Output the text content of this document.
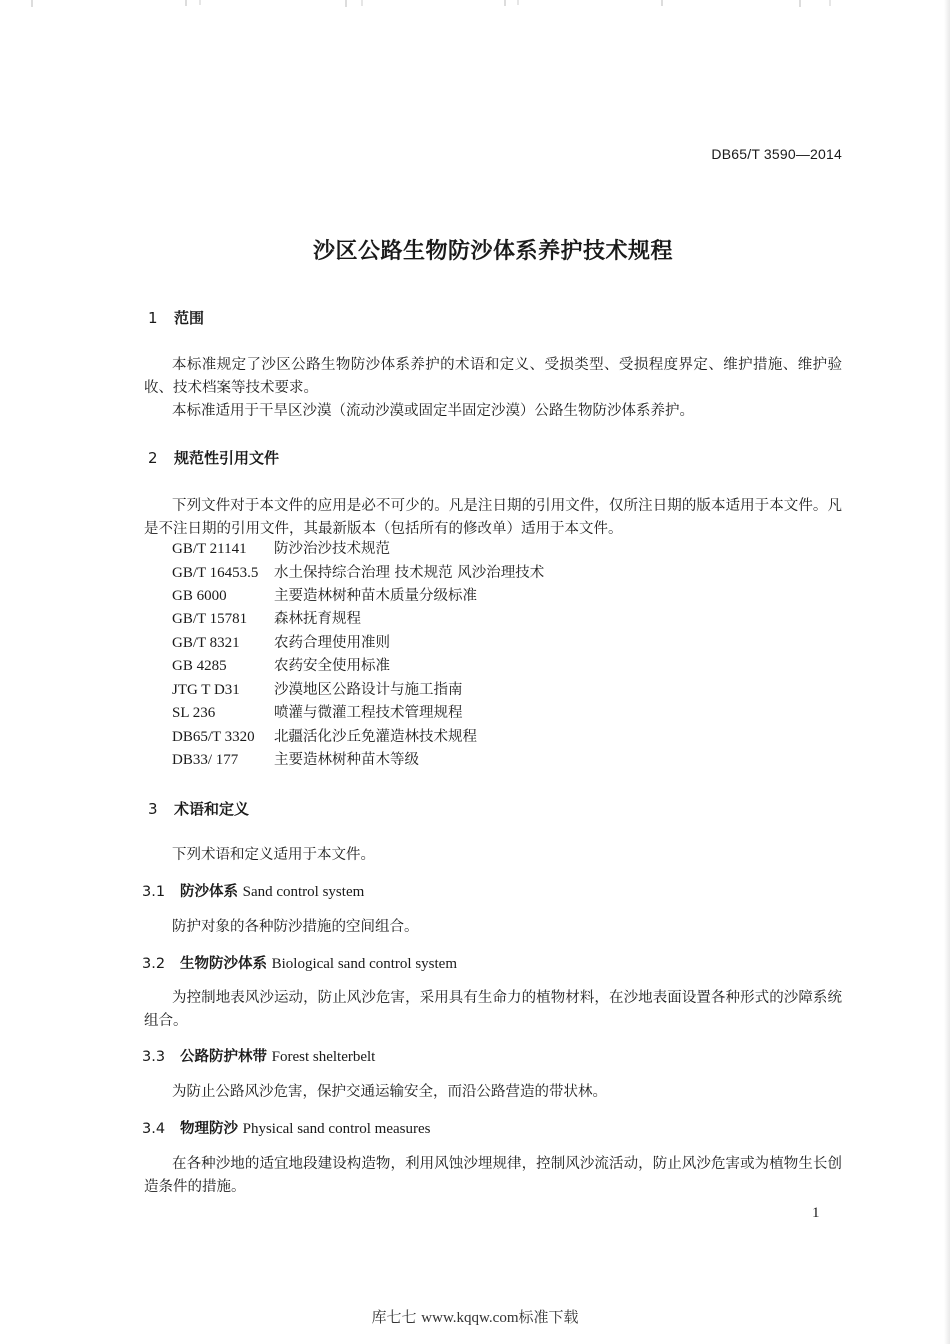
DB65/T 3590—2014
沙区公路生物防沙体系养护技术规程
1 范围
本标准规定了沙区公路生物防沙体系养护的术语和定义、受损类型、受损程度界定、维护措施、维护验收、技术档案等技术要求。
本标准适用于干旱区沙漠（流动沙漠或固定半固定沙漠）公路生物防沙体系养护。
2 规范性引用文件
下列文件对于本文件的应用是必不可少的。凡是注日期的引用文件，仅所注日期的版本适用于本文件。凡是不注日期的引用文件，其最新版本（包括所有的修改单）适用于本文件。
GB/T 21141 防沙治沙技术规范
GB/T 16453.5 水土保持综合治理 技术规范 风沙治理技术
GB 6000	主要造林树种苗木质量分级标准
GB/T 15781 森林抚育规程
GB/T 8321 农药合理使用准则
GB 4285	农药安全使用标准
JTG T D31 沙漠地区公路设计与施工指南
SL 236	喷灌与微灌工程技术管理规程
DB65/T 3320 北疆活化沙丘免灌造林技术规程
DB33/ 177 主要造林树种苗木等级
3 术语和定义
下列术语和定义适用于本文件。
3.1 防沙体系 Sand control system
防护对象的各种防沙措施的空间组合。
3.2 生物防沙体系 Biological sand control system
为控制地表风沙运动，防止风沙危害，采用具有生命力的植物材料，在沙地表面设置各种形式的沙障系统组合。
3.3 公路防护林带 Forest shelterbelt
为防止公路风沙危害，保护交通运输安全，而沿公路营造的带状林。
3.4 物理防沙 Physical sand control measures
在各种沙地的适宜地段建设构造物，利用风蚀沙埋规律，控制风沙流活动，防止风沙危害或为植物生长创造条件的措施。
1
库七七 www.kqqw.com标准下载
